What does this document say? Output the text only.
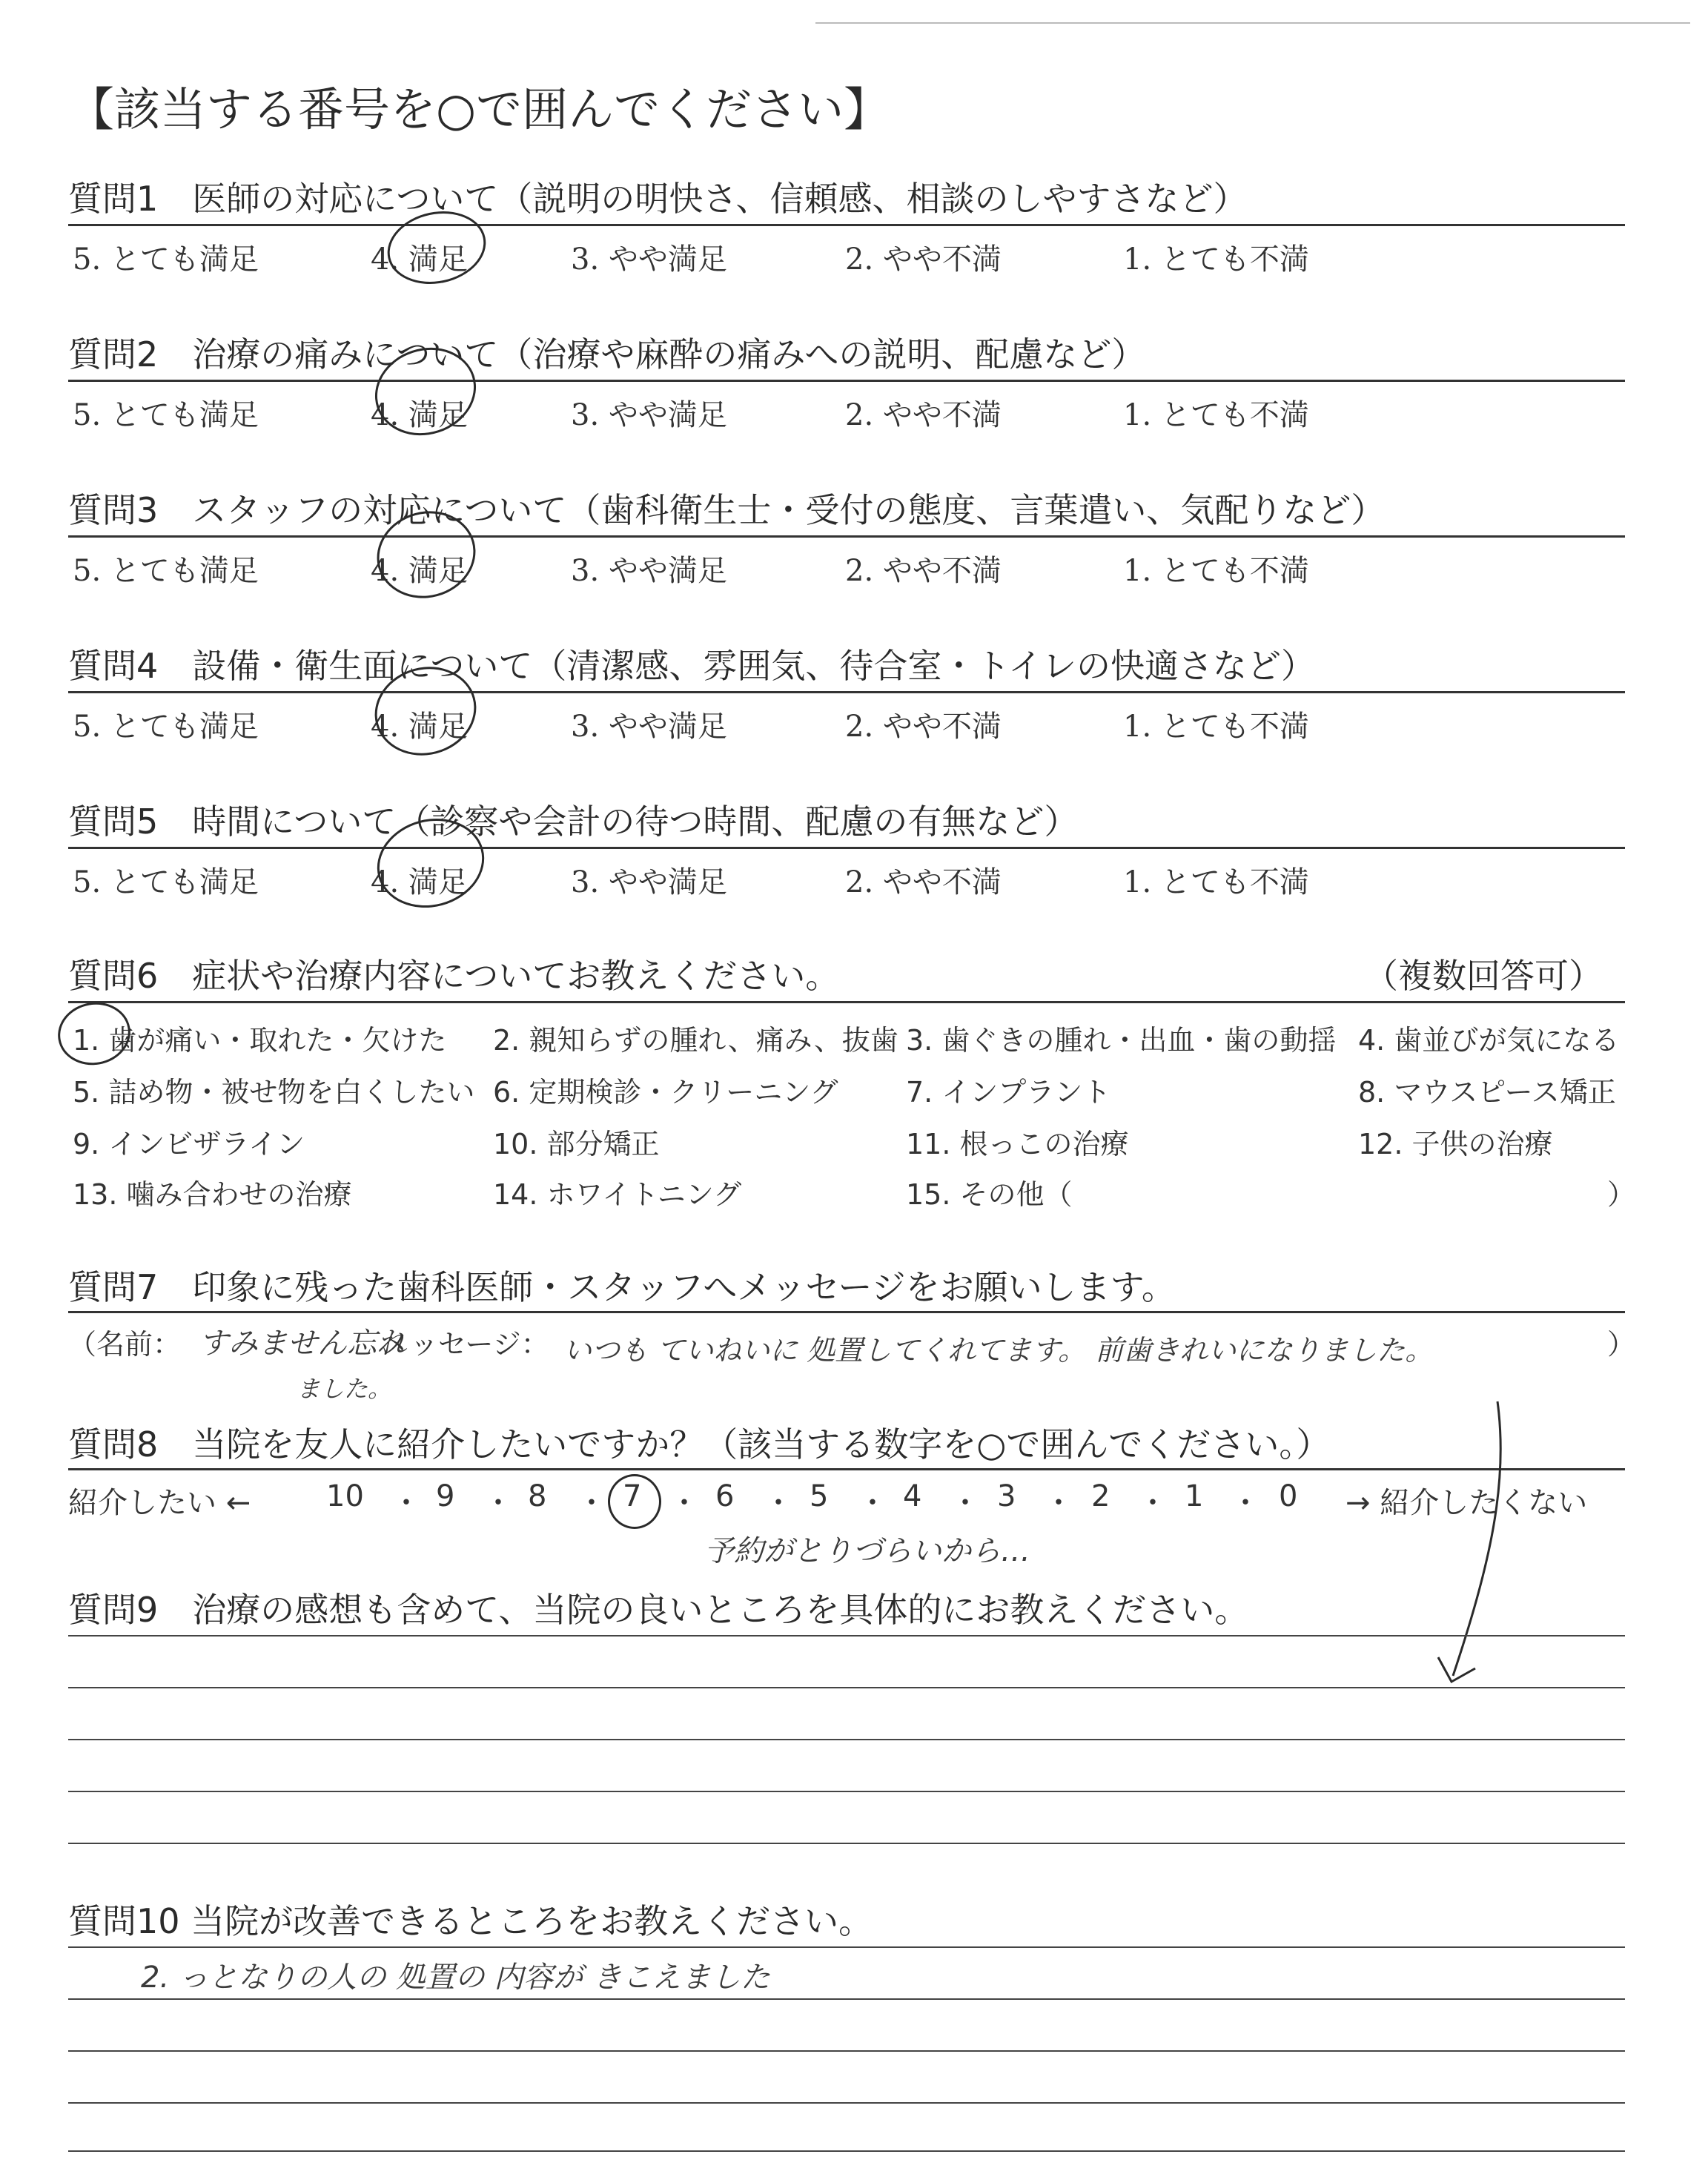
【該当する番号を○で囲んでください】
質問1　医師の対応について（説明の明快さ、信頼感、相談のしやすさなど）
5. とても満足	4. 満足	3. やや満足	2. やや不満	1. とても不満
質問2　治療の痛みについて（治療や麻酔の痛みへの説明、配慮など）
5. とても満足	4. 満足	3. やや満足	2. やや不満	1. とても不満
質問3　スタッフの対応について（歯科衛生士・受付の態度、言葉遣い、気配りなど）
5. とても満足	4. 満足	3. やや満足	2. やや不満	1. とても不満
質問4　設備・衛生面について（清潔感、雰囲気、待合室・トイレの快適さなど）
5. とても満足	4. 満足	3. やや満足	2. やや不満	1. とても不満
質問5　時間について（診察や会計の待つ時間、配慮の有無など）
5. とても満足	4. 満足	3. やや満足	2. やや不満	1. とても不満
質問6　症状や治療内容についてお教えください。	（複数回答可）
1. 歯が痛い・取れた・欠けた 2. 親知らずの腫れ、痛み、抜歯 3. 歯ぐきの腫れ・出血・歯の動揺 4. 歯並びが気になる
5. 詰め物・被せ物を白くしたい 6. 定期検診・クリーニング 7. インプラント	8. マウスピース矯正
9. インビザライン	10. 部分矯正	11. 根っこの治療	12. 子供の治療
13. 噛み合わせの治療	14. ホワイトニング	15. その他（	）
質問7　印象に残った歯科医師・スタッフへメッセージをお願いします。
（名前： すみません忘れ
ました。
メッセージ： いつも ていねいに 処置してくれてます。 前歯きれいになりました。	）
質問8　当院を友人に紹介したいですか？（該当する数字を○で囲んでください。）
紹介したい ←	10 ・ 9 ・ 8 ・ 7 ・ 6 ・ 5 ・ 4 ・ 3 ・ 2 ・ 1 ・ 0 → 紹介したくない
予約がとりづらいから…
質問9　治療の感想も含めて、当院の良いところを具体的にお教えください。
質問10 当院が改善できるところをお教えください。
2. っとなりの人の 処置の 内容が きこえました
